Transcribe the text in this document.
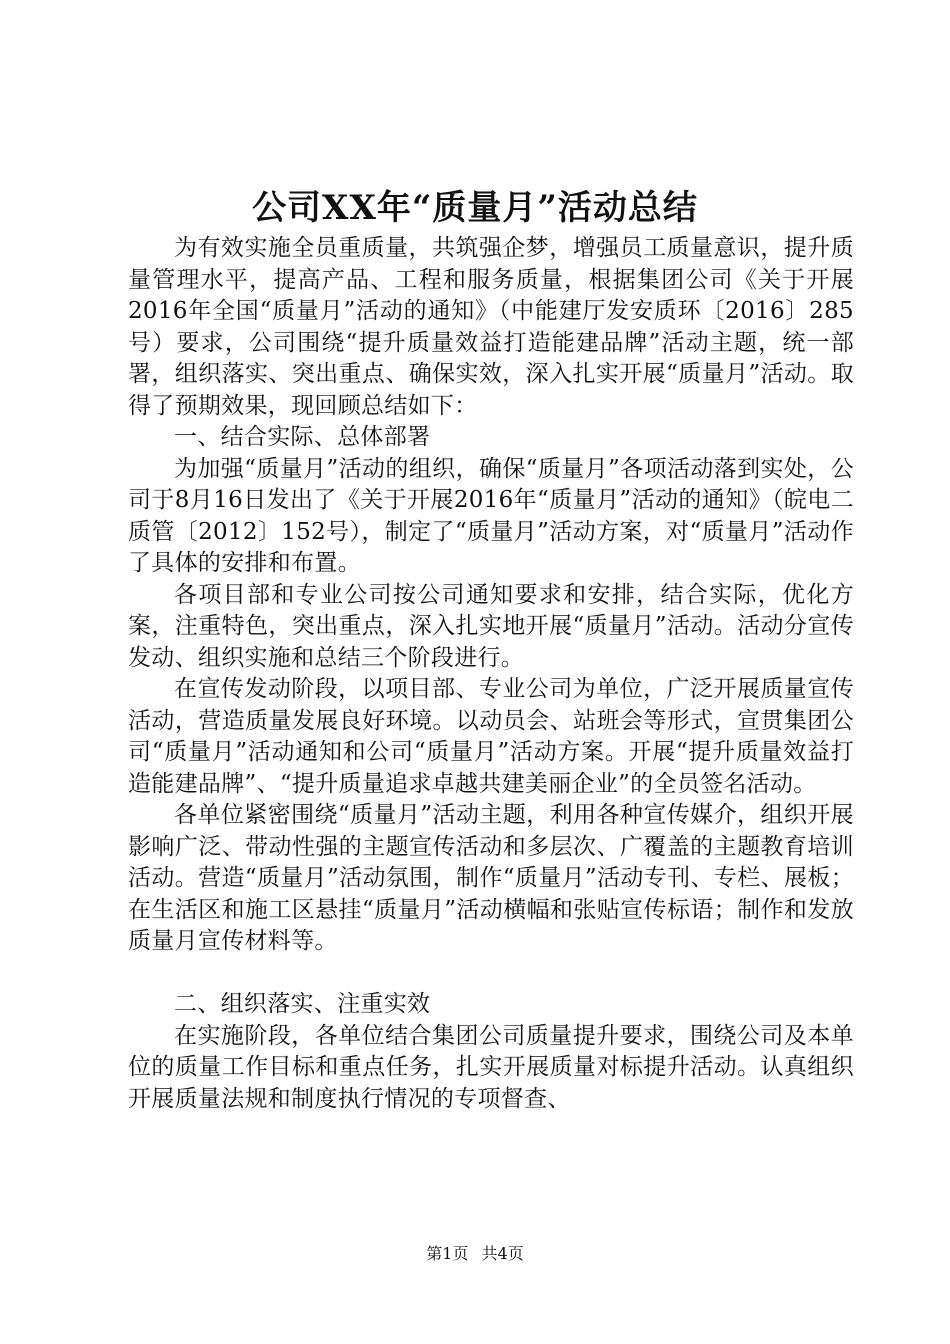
公司XX年“质量月”活动总结

为有效实施全员重质量，共筑强企梦，增强员工质量意识，提升质量管理水平，提高产品、工程和服务质量，根据集团公司《关于开展2016年全国“质量月”活动的通知》（中能建厅发安质环〔2016〕285号）要求，公司围绕“提升质量效益打造能建品牌”活动主题，统一部署，组织落实、突出重点、确保实效，深入扎实开展“质量月”活动。取得了预期效果，现回顾总结如下：

一、结合实际、总体部署

为加强“质量月”活动的组织，确保“质量月”各项活动落到实处，公司于8月16日发出了《关于开展2016年“质量月”活动的通知》（皖电二质管〔2012〕152号），制定了“质量月”活动方案，对“质量月”活动作了具体的安排和布置。

各项目部和专业公司按公司通知要求和安排，结合实际，优化方案，注重特色，突出重点，深入扎实地开展“质量月”活动。活动分宣传发动、组织实施和总结三个阶段进行。

在宣传发动阶段，以项目部、专业公司为单位，广泛开展质量宣传活动，营造质量发展良好环境。以动员会、站班会等形式，宣贯集团公司“质量月”活动通知和公司“质量月”活动方案。开展“提升质量效益打造能建品牌”、“提升质量追求卓越共建美丽企业”的全员签名活动。

各单位紧密围绕“质量月”活动主题，利用各种宣传媒介，组织开展影响广泛、带动性强的主题宣传活动和多层次、广覆盖的主题教育培训活动。营造“质量月”活动氛围，制作“质量月”活动专刊、专栏、展板；在生活区和施工区悬挂“质量月”活动横幅和张贴宣传标语；制作和发放质量月宣传材料等。

二、组织落实、注重实效

在实施阶段，各单位结合集团公司质量提升要求，围绕公司及本单位的质量工作目标和重点任务，扎实开展质量对标提升活动。认真组织开展质量法规和制度执行情况的专项督查、

第1页 共4页
